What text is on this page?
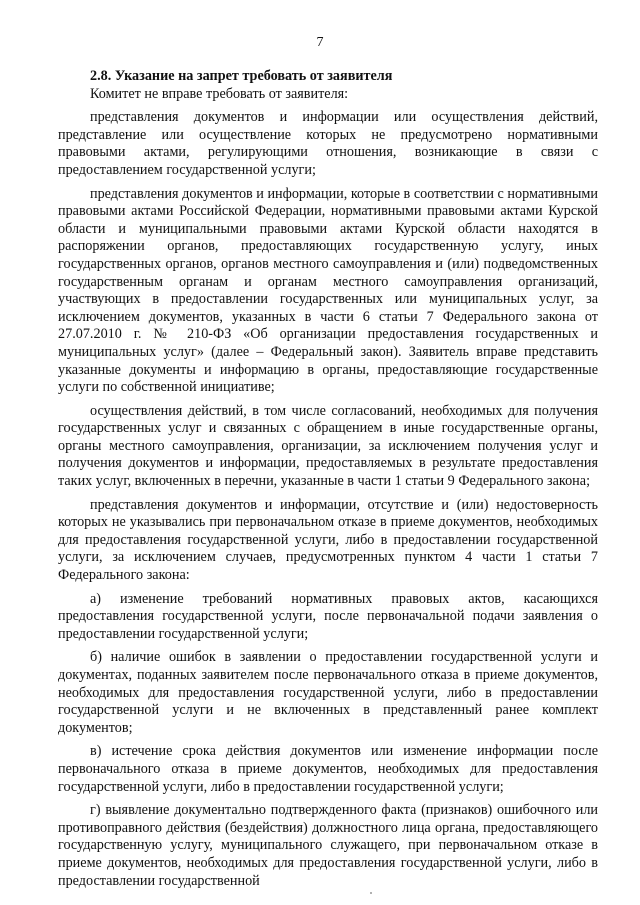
7

2.8. Указание на запрет требовать от заявителя

Комитет не вправе требовать от заявителя:

представления документов и информации или осуществления действий, представление или осуществление которых не предусмотрено нормативными правовыми актами, регулирующими отношения, возникающие в связи с предоставлением государственной услуги;

представления документов и информации, которые в соответствии с нормативными правовыми актами Российской Федерации, нормативными правовыми актами Курской области и муниципальными правовыми актами Курской области находятся в распоряжении органов, предоставляющих государственную услугу, иных государственных органов, органов местного самоуправления и (или) подведомственных государственным органам и органам местного самоуправления организаций, участвующих в предоставлении государственных или муниципальных услуг, за исключением документов, указанных в части 6 статьи 7 Федерального закона от 27.07.2010 г. № 210-ФЗ «Об организации предоставления государственных и муниципальных услуг» (далее – Федеральный закон). Заявитель вправе представить указанные документы и информацию в органы, предоставляющие государственные услуги по собственной инициативе;

осуществления действий, в том числе согласований, необходимых для получения государственных услуг и связанных с обращением в иные государственные органы, органы местного самоуправления, организации, за исключением получения услуг и получения документов и информации, предоставляемых в результате предоставления таких услуг, включенных в перечни, указанные в части 1 статьи 9 Федерального закона;

представления документов и информации, отсутствие и (или) недостоверность которых не указывались при первоначальном отказе в приеме документов, необходимых для предоставления государственной услуги, либо в предоставлении государственной услуги, за исключением случаев, предусмотренных пунктом 4 части 1 статьи 7 Федерального закона:

а) изменение требований нормативных правовых актов, касающихся предоставления государственной услуги, после первоначальной подачи заявления о предоставлении государственной услуги;

б) наличие ошибок в заявлении о предоставлении государственной услуги и документах, поданных заявителем после первоначального отказа в приеме документов, необходимых для предоставления государственной услуги, либо в предоставлении государственной услуги и не включенных в представленный ранее комплект документов;

в) истечение срока действия документов или изменение информации после первоначального отказа в приеме документов, необходимых для предоставления государственной услуги, либо в предоставлении государственной услуги;

г) выявление документально подтвержденного факта (признаков) ошибочного или противоправного действия (бездействия) должностного лица органа, предоставляющего государственную услугу, муниципального служащего, при первоначальном отказе в приеме документов, необходимых для предоставления государственной услуги, либо в предоставлении государственной
